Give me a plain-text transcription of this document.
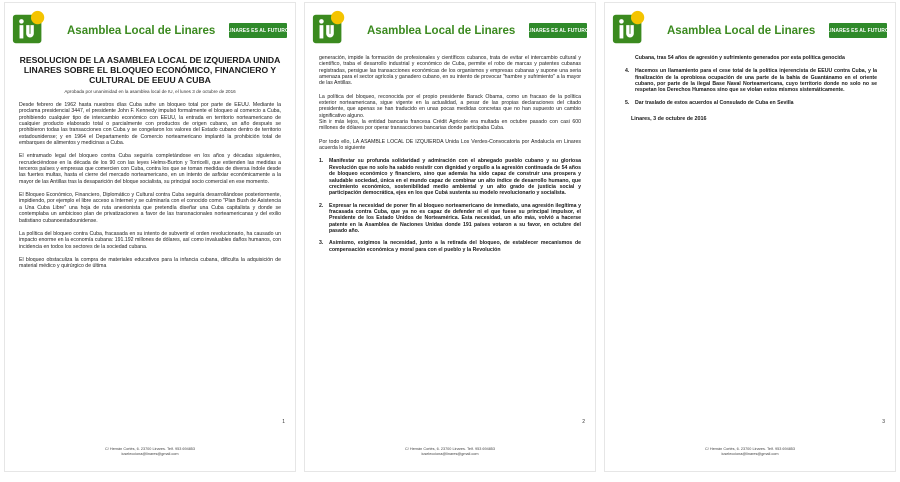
Asamblea Local de Linares LINARES ES AL FUTURO
RESOLUCION DE LA ASAMBLEA LOCAL DE IZQUIERDA UNIDA LINARES SOBRE EL BLOQUEO ECONÓMICO, FINANCIERO Y CULTURAL DE EEUU A CUBA
Aprobada por unanimidad en la asamblea local de IU, el lunes 3 de octubre de 2016

Desde febrero de 1962 hasta nuestros días Cuba sufre un bloqueo total por parte de EEUU. Mediante la proclama presidencial 3447, el presidente John F. Kennedy impulsó formalmente el bloqueo al comercio a Cuba, prohibiendo cualquier tipo de intercambio económico con EEUU, la entrada en territorio norteamericano de cualquier producto elaborado total o parcialmente con productos de origen cubano, un año después se prohibieron todas las transacciones con Cuba y se congelaron los valores del Estado cubano dentro de territorio estadounidense; y en 1964 el Departamento de Comercio norteamericano implantó la prohibición total de embarques de alimentos y medicinas a Cuba.

El entramado legal del bloqueo contra Cuba seguiría completándose en los años y décadas siguientes, recrudeciéndose en la década de los 90 con las leyes Helms-Burton y Torricelli, que extienden las medidas a terceros países y empresas que comercien con Cuba, contra los que se toman medidas de diversa índole desde las fuertes multas, hasta el cierre del mercado norteamericano, en un intento de asfixiar económicamente a la mayor de las Antillas tras la desaparición del bloque socialista, su principal socio comercial en ese momento.

El Bloqueo Económico, Financiero, Diplomático y Cultural contra Cuba seguiría desarrollándose posteriormente, impidiendo, por ejemplo el libre acceso a Internet y se culminaría con el conocido como "Plan Bush de Asistencia a Una Cuba Libre" una hoja de ruta anexionista que pretendía diseñar una Cuba capitalista y donde se contemplaba un ambicioso plan de privatizaciones a favor de las transnacionales norteamericanas y del exilio batistiano cubanoestadounidense.

La política del bloqueo contra Cuba, fracasada en su intento de subvertir el orden revolucionario, ha causado un impacto enorme en la economía cubana: 191.192 millones de dólares, así como invaluables daños humanos, con incidencia en todos los sectores de la sociedad cubana.

El bloqueo obstaculiza la compra de materiales educativos para la infancia cubana, dificulta la adquisición de material médico y quirúrgico de última

1
C/ Hernán Cortés, 6. 23700 Linares. Telf. 953 694853
iuselecciona@linares@gmail.com
Asamblea Local de Linares LINARES ES AL FUTURO

generación, impide la formación de profesionales y científicos cubanos, trata de evitar el intercambio cultural y científico, traba el desarrollo industrial y económico de Cuba, permite el robo de marcas y patentes cubanas registradas, persigue las transacciones económicas de los organismos y empresas cubanas y supone una seria amenaza para el sector agrícola y ganadero cubano, en su intento de provocar "hambre y sufrimiento" a la mayor de las Antillas.

La política del bloqueo, reconocida por el propio presidente Barack Obama, como un fracaso de la política exterior norteamericana, sigue vigente en la actualidad, a pesar de las propias declaraciones del citado presidente, que apenas se han traducido en unas pocas medidas concretas que no han supuesto un cambio significativo alguno.
Sin ir más lejos, la entidad bancaria francesa Crédit Agricole era multada en octubre pasado con casi 600 millones de dólares por operar transacciones bancarias donde participaba Cuba.

Por todo ello, LA ASAMBLE LOCAL DE IZQUIERDA Unida Los Verdes-Convocatoria por Andalucía en Linares acuerda lo siguiente

1.	Manifestar su profunda solidaridad y admiración con el abnegado pueblo cubano y su gloriosa Revolución que no solo ha sabido resistir con dignidad y orgullo a la agresión continuada de 54 años de bloqueo económico y financiero, sino que además ha sido capaz de construir una prospera y saludable sociedad, única en el mundo capaz de combinar un alto índice de desarrollo humano, que crecimiento económico, sostenibilidad medio ambiental y un alto grado de justicia social y participación democrática, ejes en los que Cubá sustenta su modelo revolucionario y socialista.
2.	Expresar la necesidad de poner fin al bloqueo norteamericano de inmediato, una agresión ilegítima y fracasada contra Cuba, que ya no es capaz de defender ni el que fuese su principal impulsor, el Presidente de los Estado Unidos de Norteamérica. Esta necesidad, un año más, volvió a hacerse patente en la Asamblea de Naciones Unidas donde 191 países votaron a su favor, en octubre del pasado año.
3.	Asimismo, exigimos la necesidad, junto a la retirada del bloqueo, de establecer mecanismos de compensación económica y moral para con el pueblo y la Revolución
2
C/ Hernán Cortés, 6. 23700 Linares. Telf. 953 694853
iuselecciona@linares@gmail.com
Asamblea Local de Linares LINARES ES AL FUTURO

Cubana, tras 54 años de agresión y sufrimiento generados por esta política genocida

4.	Hacemos un llamamiento para el cese total de la política injerencista de EEUU contra Cuba, y la finalización de la oprobiosa ocupación de una parte de la bahía de Guantánamo en el oriente cubano, por parte de la ilegal Base Naval Norteamericana, cuyo territorio donde no solo no se respetan los Derechos Humanos sino que se violan estos mismos sistemáticamente.
5.	Dar traslado de estos acuerdos al Consulado de Cuba en Sevilla
Linares, 3 de octubre de 2016
3
C/ Hernán Cortés, 6. 23700 Linares. Telf. 953 694853
iuselecciona@linares@gmail.com
